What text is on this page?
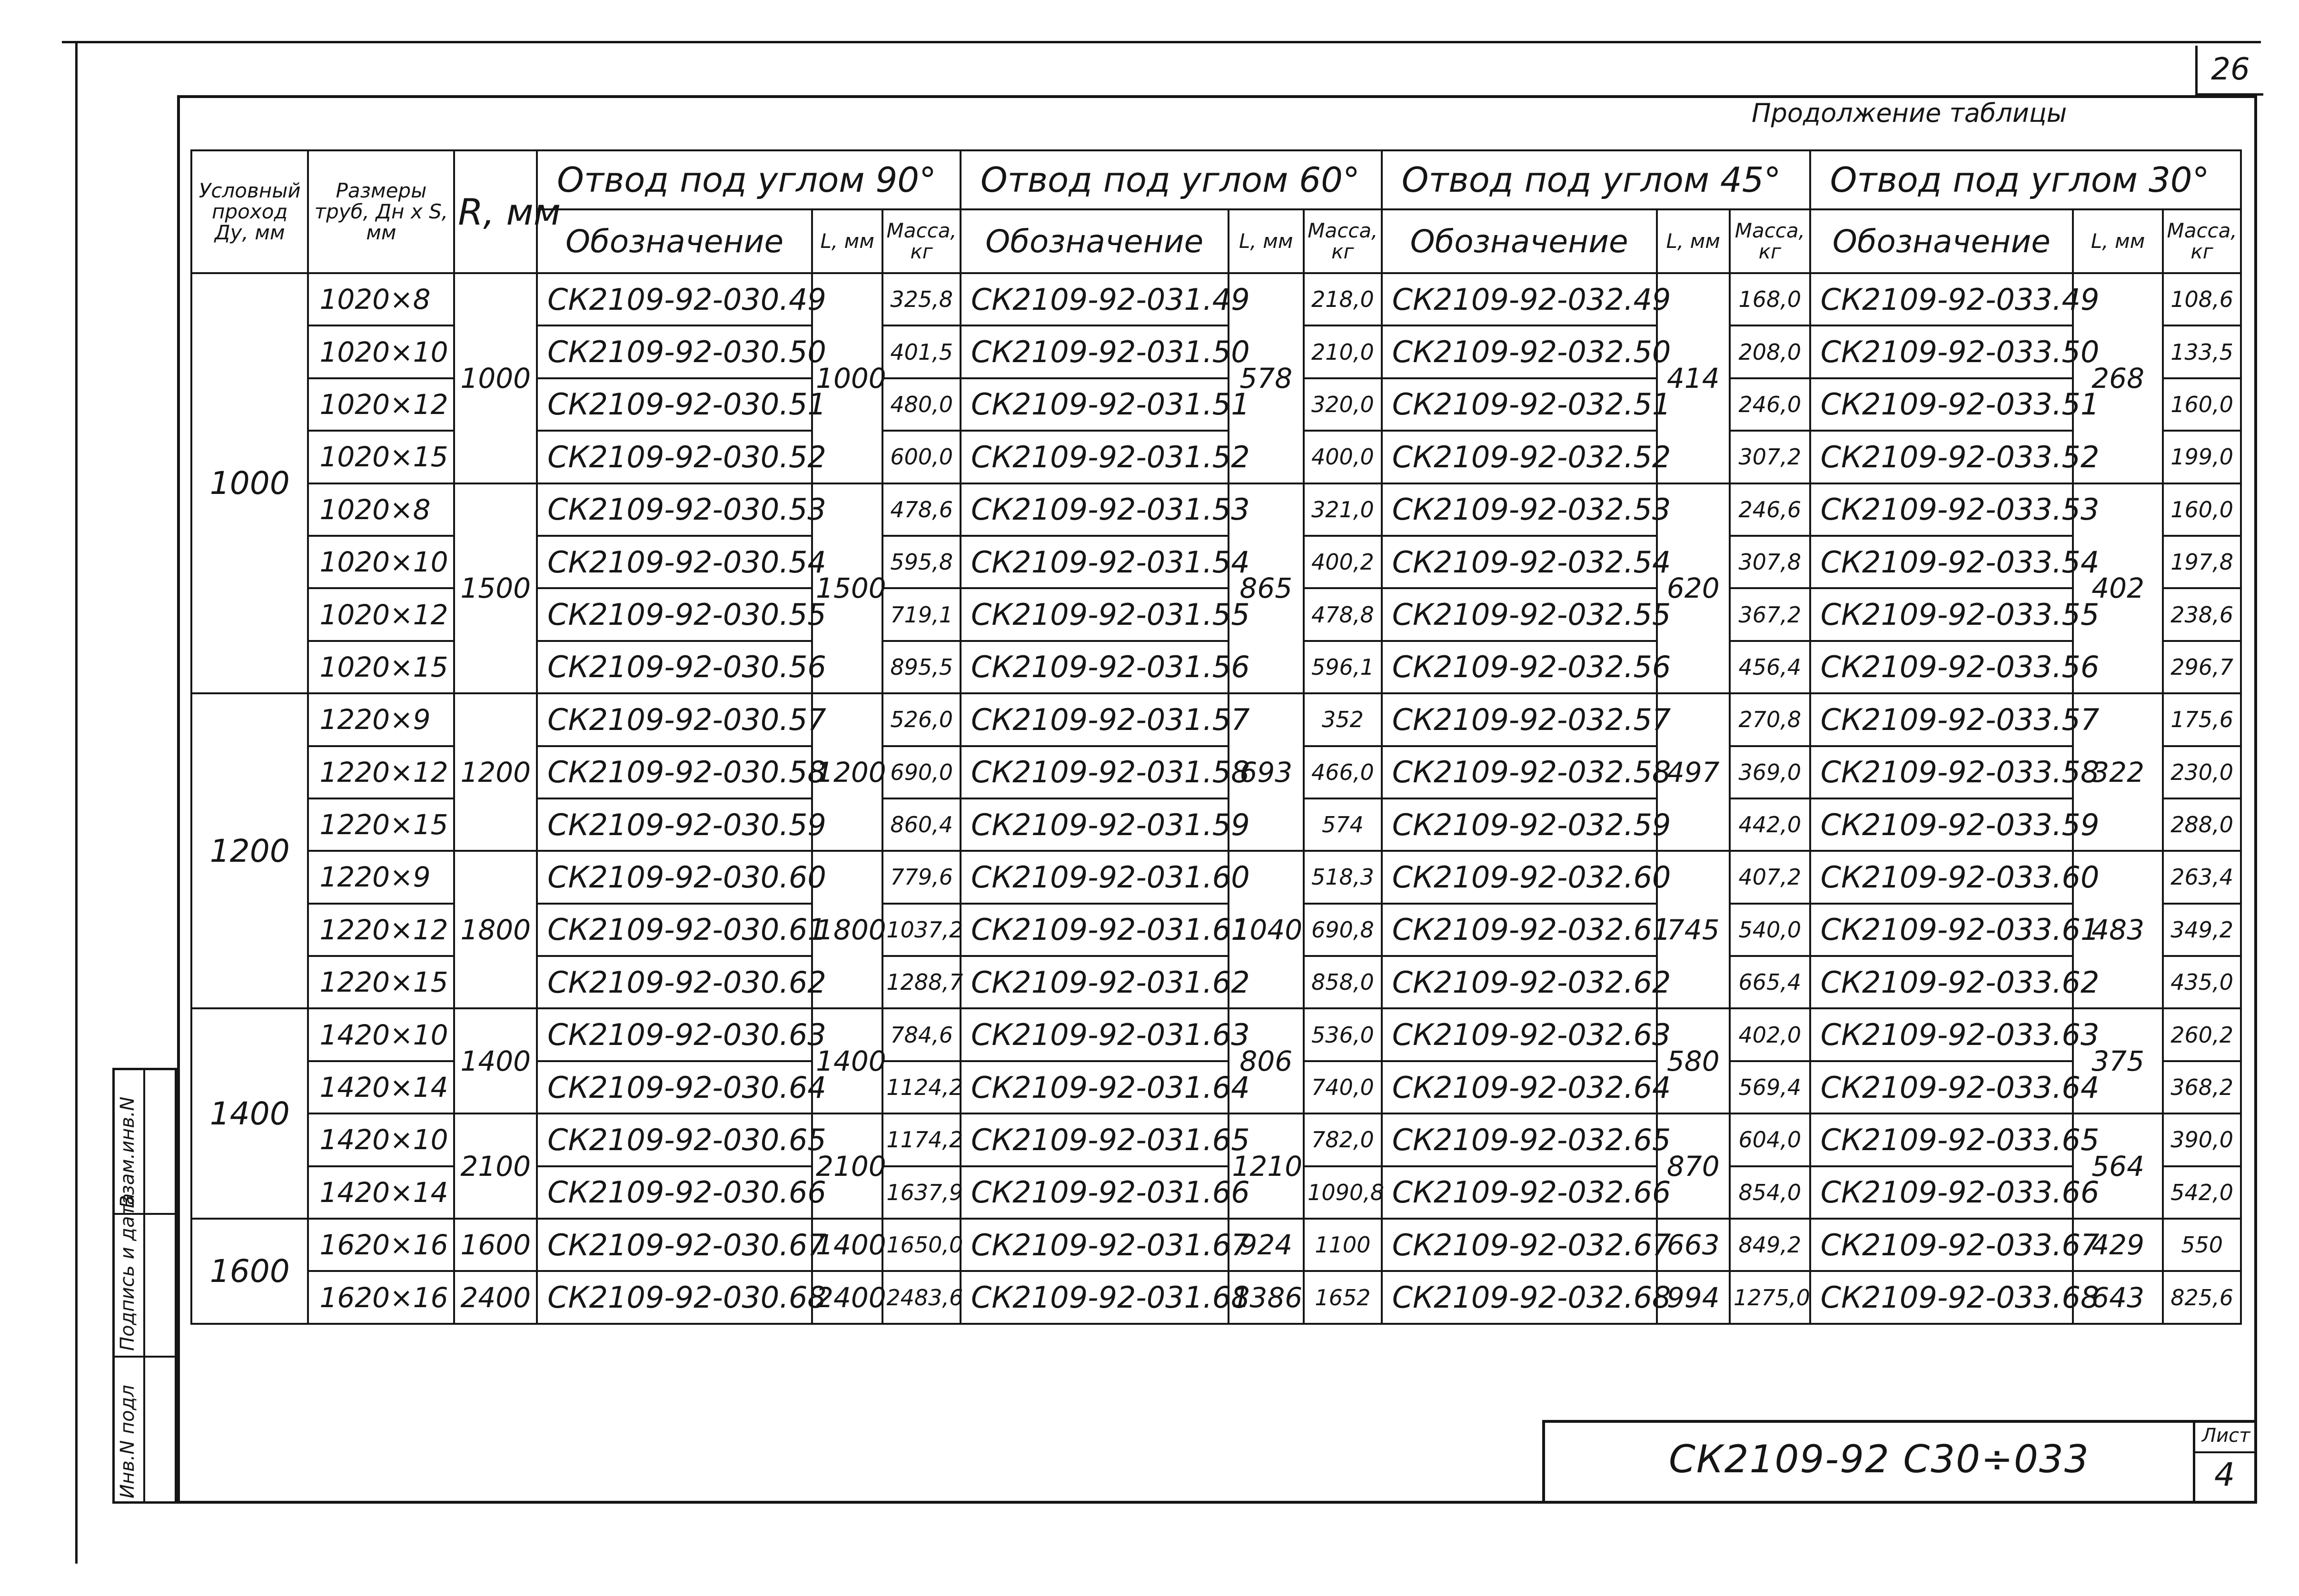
26
Продолжение таблицы
Условный проход Ду, мм	Размеры труб, Дн x S, мм	R, мм	Отвод под углом 90°			Отвод под углом 60°			Отвод под углом 45°			Отвод под углом 30°		
			Обозначение	L, мм	Масса, кг	Обозначение	L, мм	Масса, кг	Обозначение	L, мм	Масса, кг	Обозначение	L, мм	Масса, кг
1000	1020×8	1000	СК2109-92-030.49	1000	325,8	СК2109-92-031.49	578	218,0	СК2109-92-032.49	414	168,0	СК2109-92-033.49	268	108,6
	1020×10		СК2109-92-030.50		401,5	СК2109-92-031.50		210,0	СК2109-92-032.50		208,0	СК2109-92-033.50		133,5
	1020×12		СК2109-92-030.51		480,0	СК2109-92-031.51		320,0	СК2109-92-032.51		246,0	СК2109-92-033.51		160,0
	1020×15		СК2109-92-030.52		600,0	СК2109-92-031.52		400,0	СК2109-92-032.52		307,2	СК2109-92-033.52		199,0
	1020×8	1500	СК2109-92-030.53	1500	478,6	СК2109-92-031.53	865	321,0	СК2109-92-032.53	620	246,6	СК2109-92-033.53	402	160,0
	1020×10		СК2109-92-030.54		595,8	СК2109-92-031.54		400,2	СК2109-92-032.54		307,8	СК2109-92-033.54		197,8
	1020×12		СК2109-92-030.55		719,1	СК2109-92-031.55		478,8	СК2109-92-032.55		367,2	СК2109-92-033.55		238,6
	1020×15		СК2109-92-030.56		895,5	СК2109-92-031.56		596,1	СК2109-92-032.56		456,4	СК2109-92-033.56		296,7
1200	1220×9	1200	СК2109-92-030.57	1200	526,0	СК2109-92-031.57	693	352	СК2109-92-032.57	497	270,8	СК2109-92-033.57	322	175,6
	1220×12		СК2109-92-030.58		690,0	СК2109-92-031.58		466,0	СК2109-92-032.58		369,0	СК2109-92-033.58		230,0
	1220×15		СК2109-92-030.59		860,4	СК2109-92-031.59		574	СК2109-92-032.59		442,0	СК2109-92-033.59		288,0
	1220×9	1800	СК2109-92-030.60	1800	779,6	СК2109-92-031.60	1040	518,3	СК2109-92-032.60	745	407,2	СК2109-92-033.60	483	263,4
	1220×12		СК2109-92-030.61		1037,2	СК2109-92-031.61		690,8	СК2109-92-032.61		540,0	СК2109-92-033.61		349,2
	1220×15		СК2109-92-030.62		1288,7	СК2109-92-031.62		858,0	СК2109-92-032.62		665,4	СК2109-92-033.62		435,0
1400	1420×10	1400	СК2109-92-030.63	1400	784,6	СК2109-92-031.63	806	536,0	СК2109-92-032.63	580	402,0	СК2109-92-033.63	375	260,2
	1420×14		СК2109-92-030.64		1124,2	СК2109-92-031.64		740,0	СК2109-92-032.64		569,4	СК2109-92-033.64		368,2
	1420×10	2100	СК2109-92-030.65	2100	1174,2	СК2109-92-031.65	1210	782,0	СК2109-92-032.65	870	604,0	СК2109-92-033.65	564	390,0
	1420×14		СК2109-92-030.66		1637,9	СК2109-92-031.66		1090,8	СК2109-92-032.66		854,0	СК2109-92-033.66		542,0
1600	1620×16	1600	СК2109-92-030.67	1400	1650,0	СК2109-92-031.67	924	1100	СК2109-92-032.67	663	849,2	СК2109-92-033.67	429	550
	1620×16	2400	СК2109-92-030.68	2400	2483,6	СК2109-92-031.68	1386	1652	СК2109-92-032.68	994	1275,0	СК2109-92-033.68	643	825,6
Инв.N подл
Подпись и дата
Взам.инв.N
СК2109-92 С30÷033
Лист
4
